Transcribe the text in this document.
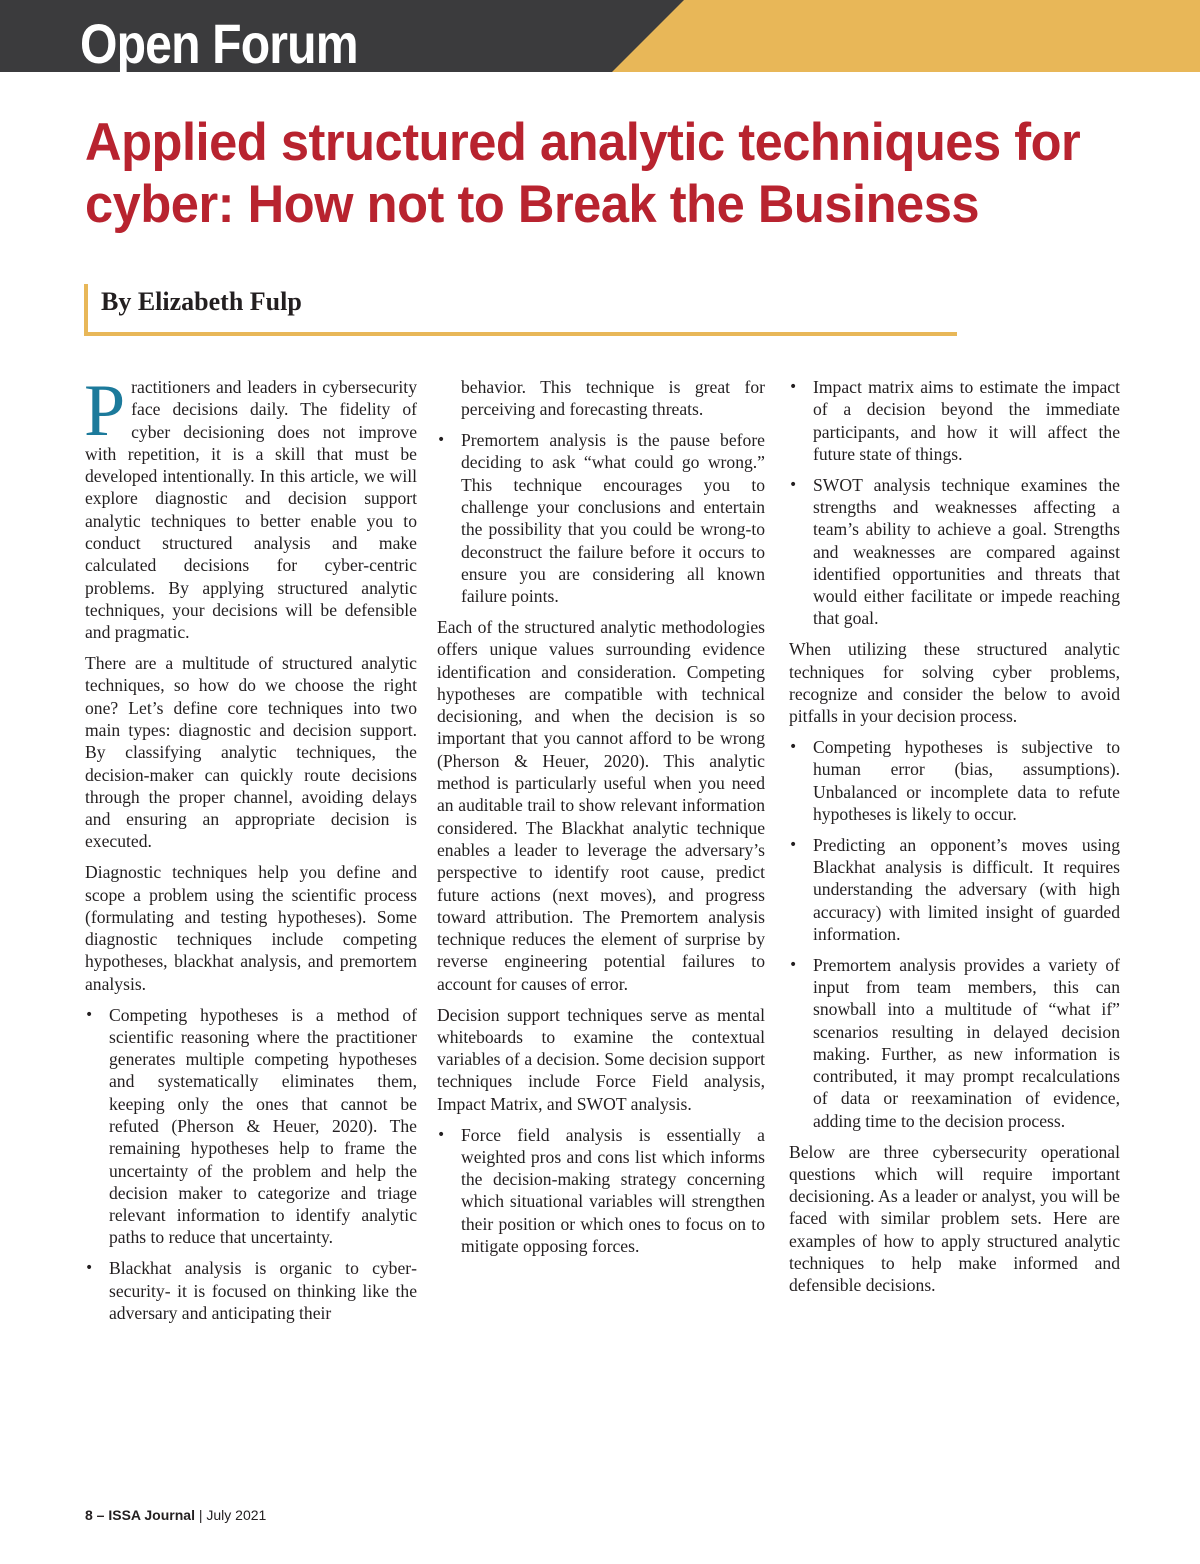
Open Forum
Applied structured analytic techniques for cyber: How not to Break the Business
By Elizabeth Fulp

Practitioners and leaders in cybersecurity face decisions daily. The fidelity of cyber decisioning does not improve with repetition, it is a skill that must be developed intentionally. In this article, we will explore diagnostic and decision support analytic techniques to better enable you to conduct structured analysis and make calculated decisions for cyber-centric problems. By applying structured analytic techniques, your decisions will be defensible and pragmatic.

There are a multitude of structured analytic techniques, so how do we choose the right one? Let’s define core techniques into two main types: diagnostic and decision support. By classifying analytic techniques, the decision-maker can quickly route decisions through the proper channel, avoiding delays and ensuring an appropriate decision is executed.

Diagnostic techniques help you define and scope a problem using the scientific process (formulating and testing hypotheses). Some diagnostic techniques include competing hypotheses, blackhat analysis, and premortem analysis.

• Competing hypotheses is a method of scientific reasoning where the practitioner generates multiple competing hypotheses and systematically eliminates them, keeping only the ones that cannot be refuted (Pherson & Heuer, 2020). The remaining hypotheses help to frame the uncertainty of the problem and help the decision maker to categorize and triage relevant information to identify analytic paths to reduce that uncertainty.
• Blackhat analysis is organic to cybersecurity- it is focused on thinking like the adversary and anticipating their
behavior. This technique is great for perceiving and forecasting threats.
• Premortem analysis is the pause before deciding to ask “what could go wrong.” This technique encourages you to challenge your conclusions and entertain the possibility that you could be wrong-to deconstruct the failure before it occurs to ensure you are considering all known failure points.

Each of the structured analytic methodologies offers unique values surrounding evidence identification and consideration. Competing hypotheses are compatible with technical decisioning, and when the decision is so important that you cannot afford to be wrong (Pherson & Heuer, 2020). This analytic method is particularly useful when you need an auditable trail to show relevant information considered. The Blackhat analytic technique enables a leader to leverage the adversary’s perspective to identify root cause, predict future actions (next moves), and progress toward attribution. The Premortem analysis technique reduces the element of surprise by reverse engineering potential failures to account for causes of error.

Decision support techniques serve as mental whiteboards to examine the contextual variables of a decision. Some decision support techniques include Force Field analysis, Impact Matrix, and SWOT analysis.

• Force field analysis is essentially a weighted pros and cons list which informs the decision-making strategy concerning which situational variables will strengthen their position or which ones to focus on to mitigate opposing forces.
• Impact matrix aims to estimate the impact of a decision beyond the immediate participants, and how it will affect the future state of things.
• SWOT analysis technique examines the strengths and weaknesses affecting a team’s ability to achieve a goal. Strengths and weaknesses are compared against identified opportunities and threats that would either facilitate or impede reaching that goal.

When utilizing these structured analytic techniques for solving cyber problems, recognize and consider the below to avoid pitfalls in your decision process.

• Competing hypotheses is subjective to human error (bias, assumptions). Unbalanced or incomplete data to refute hypotheses is likely to occur.
• Predicting an opponent’s moves using Blackhat analysis is difficult. It requires understanding the adversary (with high accuracy) with limited insight of guarded information.
• Premortem analysis provides a variety of input from team members, this can snowball into a multitude of “what if” scenarios resulting in delayed decision making. Further, as new information is contributed, it may prompt recalculations of data or reexamination of evidence, adding time to the decision process.

Below are three cybersecurity operational questions which will require important decisioning. As a leader or analyst, you will be faced with similar problem sets. Here are examples of how to apply structured analytic techniques to help make informed and defensible decisions.

8 – ISSA Journal | July 2021
